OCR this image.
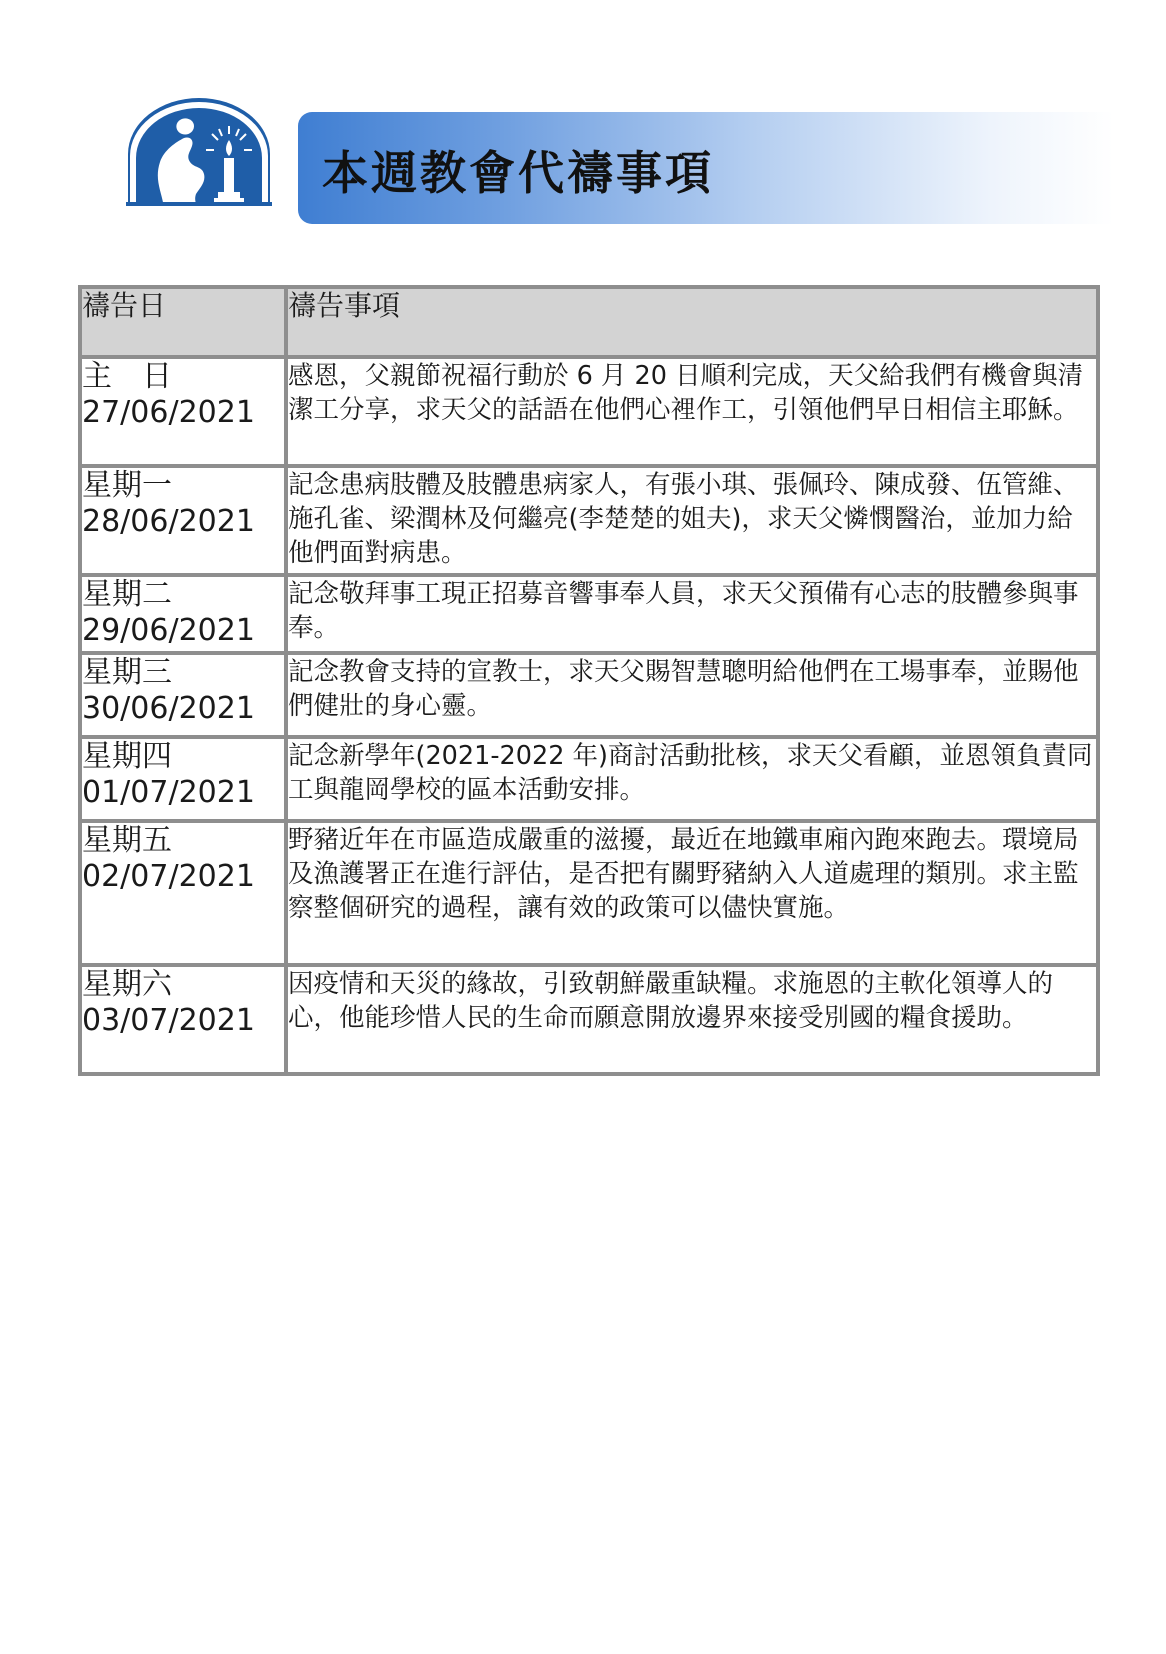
本週教會代禱事項
禱告日	禱告事項

主　日
27/06/2021	感恩，父親節祝福行動於 6 月 20 日順利完成，天父給我們有機會與清潔工分享，求天父的話語在他們心裡作工，引領他們早日相信主耶穌。

星期一
28/06/2021	記念患病肢體及肢體患病家人，有張小琪、張佩玲、陳成發、伍管維、施孔雀、梁潤林及何繼亮(李楚楚的姐夫)，求天父憐憫醫治，並加力給他們面對病患。

星期二
29/06/2021	記念敬拜事工現正招募音響事奉人員，求天父預備有心志的肢體參與事奉。

星期三
30/06/2021	記念教會支持的宣教士，求天父賜智慧聰明給他們在工場事奉，並賜他們健壯的身心靈。

星期四
01/07/2021	記念新學年(2021-2022 年)商討活動批核，求天父看顧，並恩領負責同工與龍岡學校的區本活動安排。

星期五
02/07/2021	野豬近年在市區造成嚴重的滋擾，最近在地鐵車廂內跑來跑去。環境局及漁護署正在進行評估，是否把有關野豬納入人道處理的類別。求主監察整個研究的過程，讓有效的政策可以儘快實施。

星期六
03/07/2021	因疫情和天災的緣故，引致朝鮮嚴重缺糧。求施恩的主軟化領導人的心，他能珍惜人民的生命而願意開放邊界來接受別國的糧食援助。
